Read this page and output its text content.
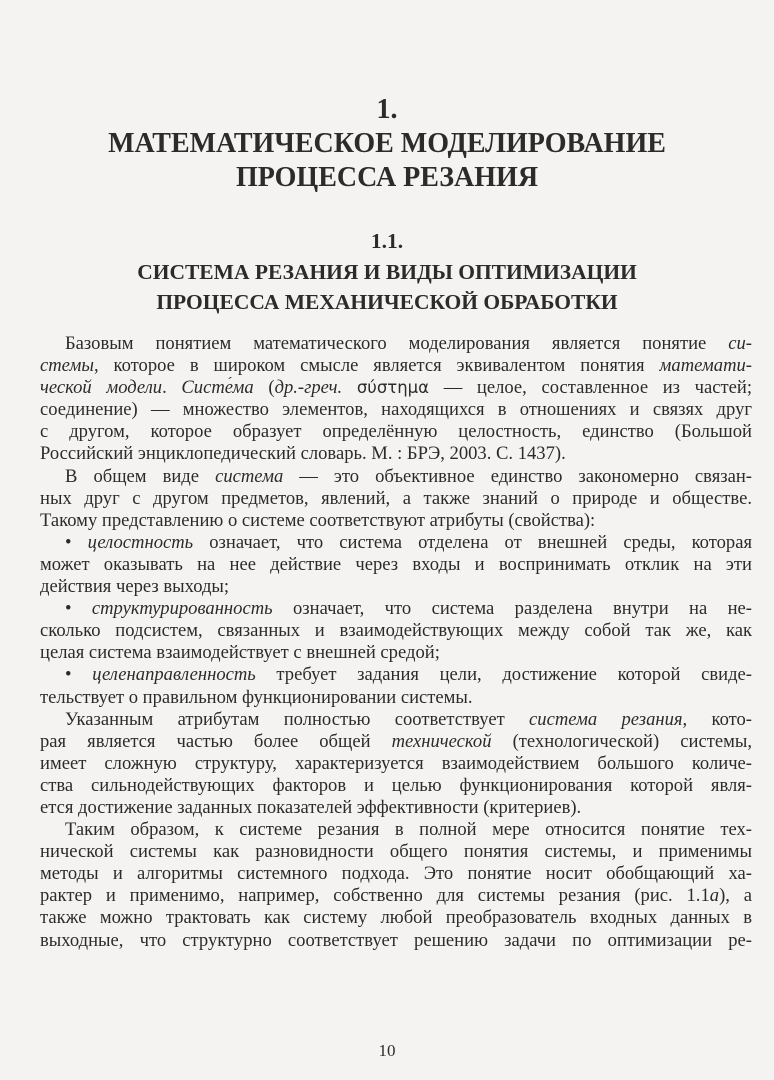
1.
МАТЕМАТИЧЕСКОЕ МОДЕЛИРОВАНИЕ
ПРОЦЕССА РЕЗАНИЯ
1.1.
СИСТЕМА РЕЗАНИЯ И ВИДЫ ОПТИМИЗАЦИИ
ПРОЦЕССА МЕХАНИЧЕСКОЙ ОБРАБОТКИ
Базовым понятием математического моделирования является понятие си-
стемы, которое в широком смысле является эквивалентом понятия математи-
ческой модели. Систе́ма (др.-греч. σύστημα — целое, составленное из частей;
соединение) — множество элементов, находящихся в отношениях и связях друг
с другом, которое образует определённую целостность, единство (Большой
Российский энциклопедический словарь. М. : БРЭ, 2003. С. 1437).
В общем виде система — это объективное единство закономерно связан-
ных друг с другом предметов, явлений, а также знаний о природе и обществе.
Такому представлению о системе соответствуют атрибуты (свойства):
• целостность означает, что система отделена от внешней среды, которая
может оказывать на нее действие через входы и воспринимать отклик на эти
действия через выходы;
• структурированность означает, что система разделена внутри на не-
сколько подсистем, связанных и взаимодействующих между собой так же, как
целая система взаимодействует с внешней средой;
• целенаправленность требует задания цели, достижение которой свиде-
тельствует о правильном функционировании системы.
Указанным атрибутам полностью соответствует система резания, кото-
рая является частью более общей технической (технологической) системы,
имеет сложную структуру, характеризуется взаимодействием большого количе-
ства сильнодействующих факторов и целью функционирования которой явля-
ется достижение заданных показателей эффективности (критериев).
Таким образом, к системе резания в полной мере относится понятие тех-
нической системы как разновидности общего понятия системы, и применимы
методы и алгоритмы системного подхода. Это понятие носит обобщающий ха-
рактер и применимо, например, собственно для системы резания (рис. 1.1а), а
также можно трактовать как систему любой преобразователь входных данных в
выходные, что структурно соответствует решению задачи по оптимизации ре-
10
